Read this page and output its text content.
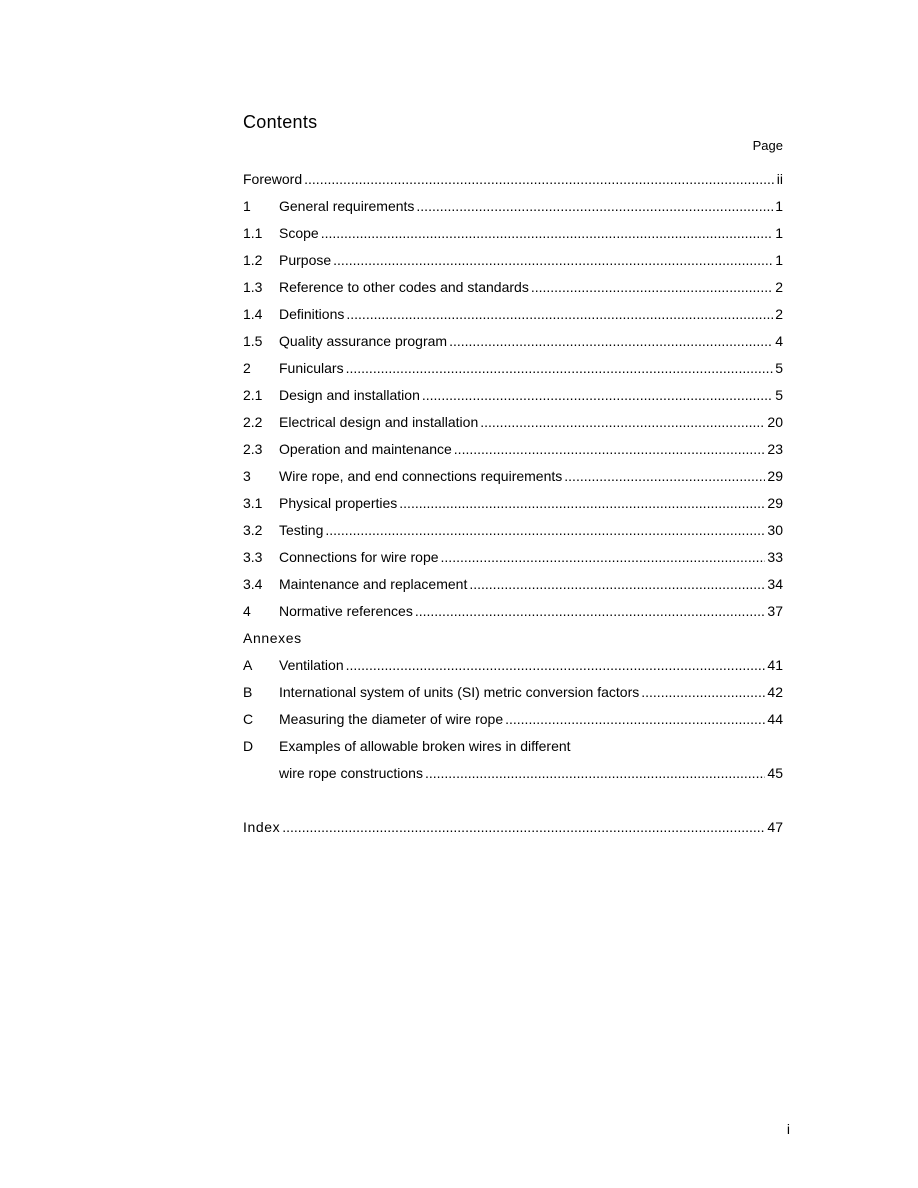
Contents
Page
Foreword .....	ii
1	General requirements .....	1
1.1	Scope .....	1
1.2	Purpose .....	1
1.3	Reference to other codes and standards .....	2
1.4	Definitions .....	2
1.5	Quality assurance program .....	4
2	Funiculars .....	5
2.1	Design and installation .....	5
2.2	Electrical design and installation .....	20
2.3	Operation and maintenance .....	23
3	Wire rope, and end connections requirements .....	29
3.1	Physical properties .....	29
3.2	Testing .....	30
3.3	Connections for wire rope .....	33
3.4	Maintenance and replacement .....	34
4	Normative references .....	37
Annexes
A	Ventilation .....	41
B	International system of units (SI) metric conversion factors .....	42
C	Measuring the diameter of wire rope .....	44
D	Examples of allowable broken wires in different
wire rope constructions .....	45
Index .....	47
i
